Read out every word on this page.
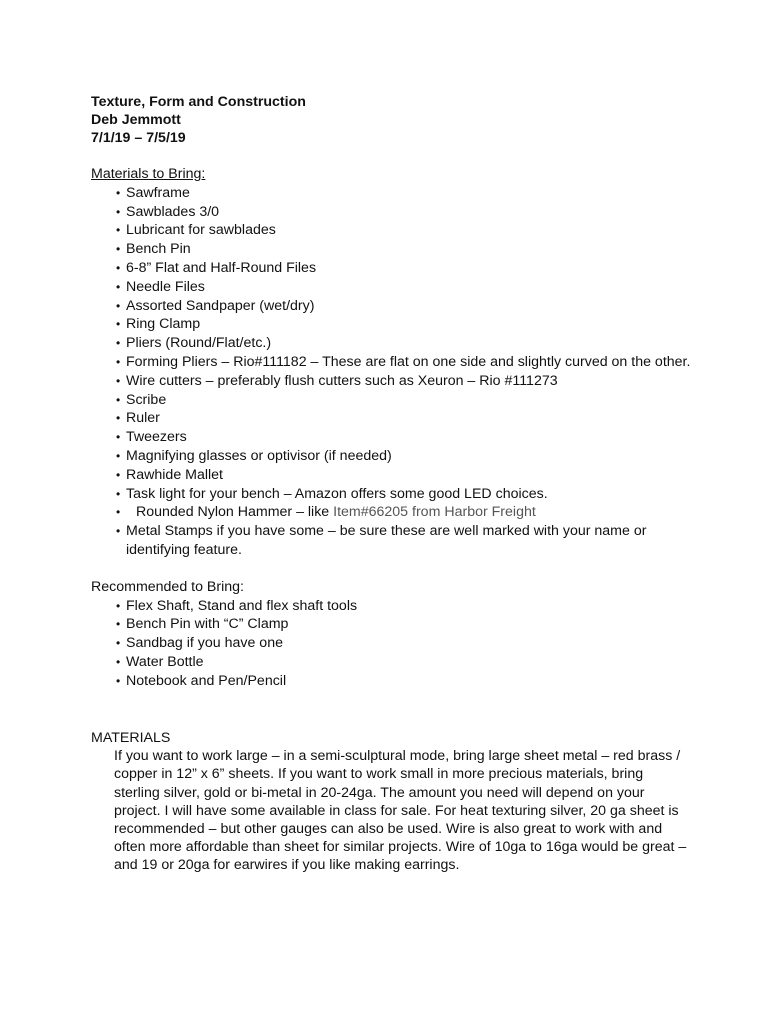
Texture, Form and Construction
Deb Jemmott
7/1/19 – 7/5/19
Materials to Bring:
• Sawframe
• Sawblades 3/0
• Lubricant for sawblades
• Bench Pin
• 6-8” Flat and Half-Round Files
• Needle Files
• Assorted Sandpaper (wet/dry)
• Ring Clamp
• Pliers (Round/Flat/etc.)
• Forming Pliers – Rio#111182 – These are flat on one side and slightly curved on the other.
• Wire cutters – preferably flush cutters such as Xeuron – Rio #111273
• Scribe
• Ruler
• Tweezers
• Magnifying glasses or optivisor (if needed)
• Rawhide Mallet
• Task light for your bench – Amazon offers some good LED choices.
• Rounded Nylon Hammer – like Item#66205 from Harbor Freight
• Metal Stamps if you have some – be sure these are well marked with your name or identifying feature.
Recommended to Bring:
• Flex Shaft, Stand and flex shaft tools
• Bench Pin with “C” Clamp
• Sandbag if you have one
• Water Bottle
• Notebook and Pen/Pencil
MATERIALS
If you want to work large – in a semi-sculptural mode, bring large sheet metal – red brass / copper in 12” x 6” sheets. If you want to work small in more precious materials, bring sterling silver, gold or bi-metal in 20-24ga. The amount you need will depend on your project. I will have some available in class for sale. For heat texturing silver, 20 ga sheet is recommended – but other gauges can also be used. Wire is also great to work with and often more affordable than sheet for similar projects. Wire of 10ga to 16ga would be great – and 19 or 20ga for earwires if you like making earrings.
